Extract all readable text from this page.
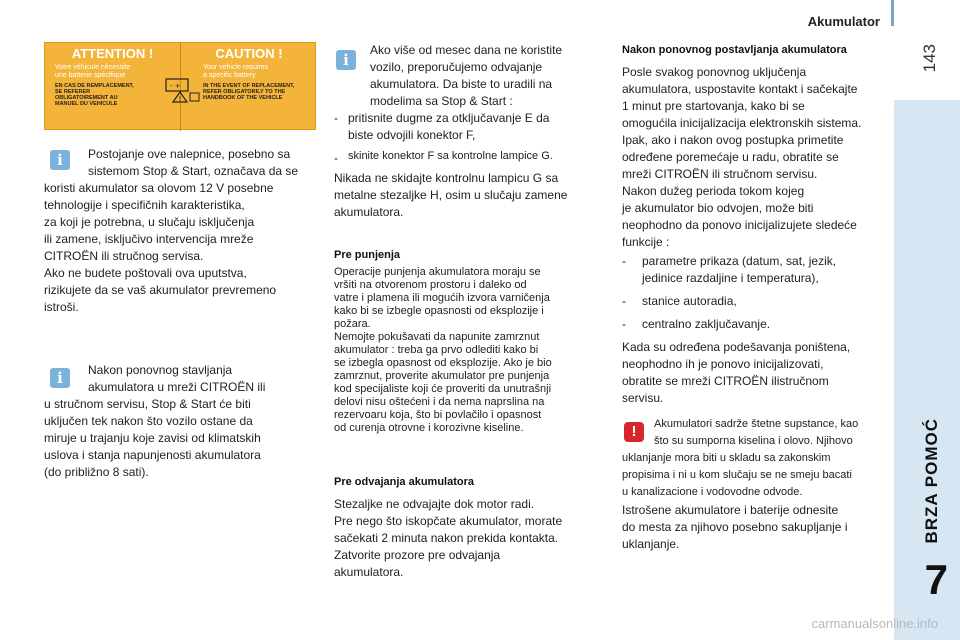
Akumulator
143
BRZA POMOĆ
7
ATTENTION !
Votre véhicule nécessite
une batterie spécifique
EN CAS DE REMPLACEMENT, SE REFERER OBLIGATOIREMENT AU MANUEL DU VEHICULE
CAUTION !
Your vehicle requires
a specific battery
IN THE EVENT OF REPLACEMENT, REFER OBLIGATORILY TO THE HANDBOOK OF THE VEHICLE
- +
!
i	Postojanje ove nalepnice, posebno sa
sistemom Stop & Start, označava da se
koristi akumulator sa olovom 12 V posebne
tehnologije i specifičnih karakteristika,
za koji je potrebna, u slučaju isključenja
ili zamene, isključivo intervencija mreže
CITROËN ili stručnog servisa.
Ako ne budete poštovali ova uputstva,
rizikujete da se vaš akumulator prevremeno
istroši.
i	Nakon ponovnog stavljanja
akumulatora u mreži CITROËN ili
u stručnom servisu, Stop & Start će biti
uključen tek nakon što vozilo ostane da
miruje u trajanju koje zavisi od klimatskih
uslova i stanja napunjenosti akumulatora
(do približno 8 sati).
i
Ako više od mesec dana ne koristite
vozilo, preporučujemo odvajanje
akumulatora. Da biste to uradili na
modelima sa Stop & Start :
- pritisnite dugme za otključavanje E da
biste odvojili konektor F,
- skinite konektor F sa kontrolne lampice G.
Nikada ne skidajte kontrolnu lampicu G sa
metalne stezaljke H, osim u slučaju zamene
akumulatora.
Pre punjenja
Operacije punjenja akumulatora moraju se
vršiti na otvorenom prostoru i daleko od
vatre i plamena ili mogućih izvora varničenja
kako bi se izbegle opasnosti od eksplozije i
požara.
Nemojte pokušavati da napunite zamrznut
akumulator : treba ga prvo odlediti kako bi
se izbegla opasnost od eksplozije. Ako je bio
zamrznut, proverite akumulator pre punjenja
kod specijaliste koji će proveriti da unutrašnji
delovi nisu oštećeni i da nema naprslina na
rezervoaru koja, što bi povlačilo i opasnost
od curenja otrovne i korozivne kiseline.
Pre odvajanja akumulatora
Stezaljke ne odvajajte dok motor radi.
Pre nego što iskopčate akumulator, morate
sačekati 2 minuta nakon prekida kontakta.
Zatvorite prozore pre odvajanja
akumulatora.
Nakon ponovnog postavljanja akumulatora
Posle svakog ponovnog uključenja
akumulatora, uspostavite kontakt i sačekajte
1 minut pre startovanja, kako bi se
omogućila inicijalizacija elektronskih sistema.
Ipak, ako i nakon ovog postupka primetite
određene poremećaje u radu, obratite se
mreži CITROËN ili stručnom servisu.
Nakon dužeg perioda tokom kojeg
je akumulator bio odvojen, može biti
neophodno da ponovo inicijalizujete sledeće
funkcije :
-	parametre prikaza (datum, sat, jezik,
jedinice razdaljine i temperatura),
-	stanice autoradia,
-	centralno zaključavanje.
Kada su određena podešavanja poništena,
neophodno ih je ponovo inicijalizovati,
obratite se mreži CITROËN ilistručnom
servisu.
!	Akumulatori sadrže štetne supstance, kao
što su sumporna kiselina i olovo. Njihovo
uklanjanje mora biti u skladu sa zakonskim
propisima i ni u kom slučaju se ne smeju bacati
u kanalizacione i vodovodne odvode.
Istrošene akumulatore i baterije odnesite
do mesta za njihovo posebno sakupljanje i
uklanjanje.
carmanualsonline.info
